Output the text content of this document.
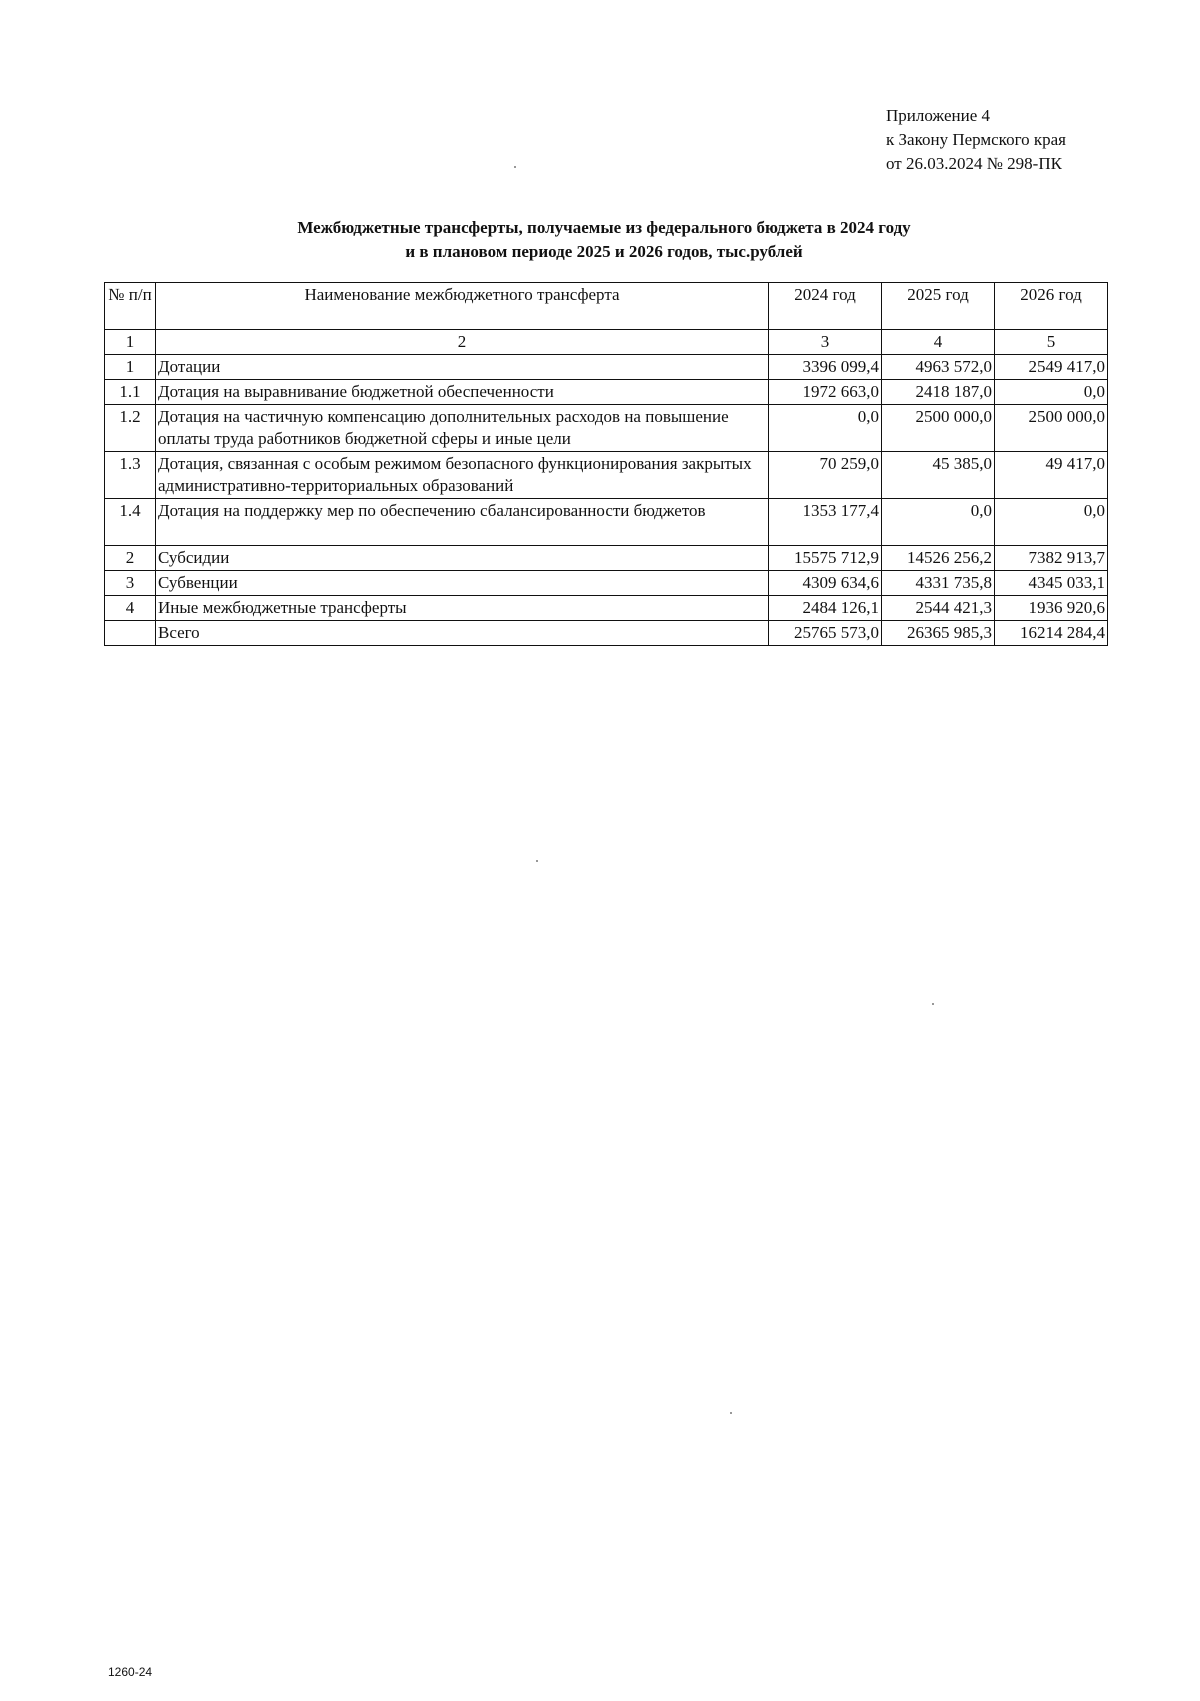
Приложение 4
к Закону Пермского края
от 26.03.2024 № 298-ПК
Межбюджетные трансферты, получаемые из федерального бюджета в 2024 году
и в плановом периоде 2025 и 2026 годов, тыс.рублей
№ п/п	Наименование межбюджетного трансферта	2024 год	2025 год	2026 год
1	2	3	4	5
1	Дотации	3396 099,4	4963 572,0	2549 417,0
1.1	Дотация на выравнивание бюджетной обеспеченности	1972 663,0	2418 187,0	0,0
1.2	Дотация на частичную компенсацию дополнительных расходов на повышение оплаты труда работников бюджетной сферы и иные цели	0,0	2500 000,0	2500 000,0
1.3	Дотация, связанная с особым режимом безопасного функционирования закрытых административно-территориальных образований	70 259,0	45 385,0	49 417,0
1.4	Дотация на поддержку мер по обеспечению сбалансированности бюджетов	1353 177,4	0,0	0,0
2	Субсидии	15575 712,9	14526 256,2	7382 913,7
3	Субвенции	4309 634,6	4331 735,8	4345 033,1
4	Иные межбюджетные трансферты	2484 126,1	2544 421,3	1936 920,6
	Всего	25765 573,0	26365 985,3	16214 284,4
1260-24
